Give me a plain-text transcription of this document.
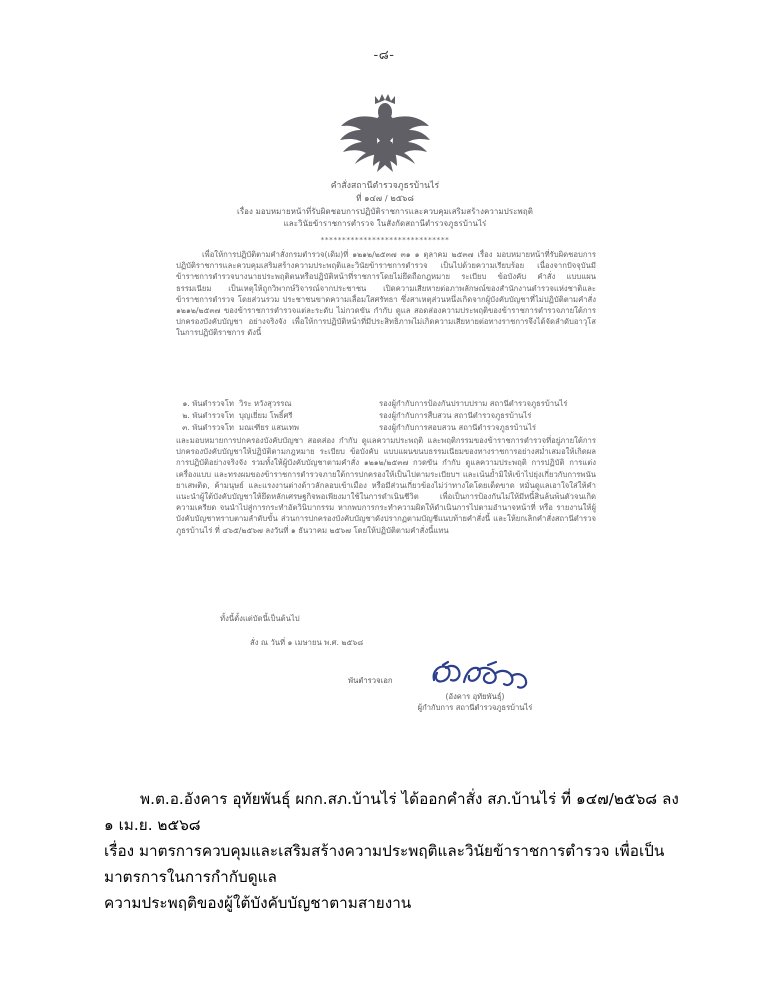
-๘-
คำสั่งสถานีตำรวจภูธรบ้านไร่
ที่ ๑๔๗ / ๒๕๖๘
เรื่อง มอบหมายหน้าที่รับผิดชอบการปฏิบัติราชการและควบคุมเสริมสร้างความประพฤติ
และวินัยข้าราชการตำรวจ ในสังกัดสถานีตำรวจภูธรบ้านไร่
******************************

เพื่อให้การปฏิบัติตามคำสั่งกรมตำรวจ(เดิม)ที่ ๑๒๑๒/๒๕๓๗ ๓๑ ๑ ตุลาคม ๒๕๓๗ เรื่อง มอบหมายหน้าที่รับผิดชอบการปฏิบัติราชการและควบคุมเสริมสร้างความประพฤติและวินัยข้าราชการตำรวจ เป็นไปด้วยความเรียบร้อย เนื่องจากปัจจุบันมีข้าราชการตำรวจบางนายประพฤติตนหรือปฏิบัติหน้าที่ราชการโดยไม่ยึดถือกฎหมาย ระเบียบ ข้อบังคับ คำสั่ง แบบแผน ธรรมเนียม เป็นเหตุให้ถูกวิพากษ์วิจารณ์จากประชาชน เปิดความเสียหายต่อภาพลักษณ์ของสำนักงานตำรวจแห่งชาติและข้าราชการตำรวจ โดยส่วนรวม ประชาชนขาดความเลื่อมใสศรัทธา ซึ่งสาเหตุส่วนหนึ่งเกิดจากผู้บังคับบัญชาที่ไม่ปฏิบัติตามคำสั่ง ๑๒๑๒/๒๕๓๗ ของข้าราชการตำรวจแต่ละระดับ ไม่กวดขัน กำกับ ดูแล สอดส่องความประพฤติของข้าราชการตำรวจภายใต้การปกครองบังคับบัญชา อย่างจริงจัง เพื่อให้การปฏิบัติหน้าที่มีประสิทธิภาพไม่เกิดความเสียหายต่อทางราชการจึงได้จัดลำดับอาวุโส ในการปฏิบัติราชการ ดังนี้

๑. พันตำรวจโท วิระ หวังสุวรรณ	รองผู้กำกับการป้องกันปราบปราม สถานีตำรวจภูธรบ้านไร่
๒. พันตำรวจโท บุญเยี่ยม โพธิ์ศรี	รองผู้กำกับการสืบสวน สถานีตำรวจภูธรบ้านไร่
๓. พันตำรวจโท มณเฑียร แสนเทพ	รองผู้กำกับการสอบสวน สถานีตำรวจภูธรบ้านไร่

และมอบหมายการปกครองบังคับบัญชา สอดส่อง กำกับ ดูแลความประพฤติ และพฤติกรรมของข้าราชการตำรวจที่อยู่ภายใต้การปกครองบังคับบัญชาให้ปฏิบัติตามกฎหมาย ระเบียบ ข้อบังคับ แบบแผนขนบธรรมเนียมของทางราชการอย่างสม่ำเสมอให้เกิดผลการปฏิบัติอย่างจริงจัง รวมทั้งให้ผู้บังคับบัญชาตามคำสั่ง ๑๒๑๒/๒๕๓๗ กวดขัน กำกับ ดูแลความประพฤติ การปฏิบัติ การแต่งเครื่องแบบ และทรงผมของข้าราชการตำรวจภายใต้การปกครองให้เป็นไปตามระเบียบฯ และเน้นย้ำมิให้เข้าไปยุ่งเกี่ยวกับการพนัน ยาเสพติด, ค้ามนุษย์ และแรงงานต่างด้าวลักลอบเข้าเมือง หรือมีส่วนเกี่ยวข้องไม่ว่าทางใดโดยเด็ดขาด หมั่นดูแลเอาใจใส่ให้คำแนะนำผู้ใต้บังคับบัญชาให้ยึดหลักเศรษฐกิจพอเพียงมาใช้ในการดำเนินชีวิต เพื่อเป็นการป้องกันไม่ให้มีหนี้สินล้นพ้นตัวจนเกิดความเครียด จนนำไปสู่การกระทำอัตวินิบากรรม หากพบการกระทำความผิดให้ดำเนินการไปตามอำนาจหน้าที่ หรือ รายงานให้ผู้บังคับบัญชาทราบตามลำดับขั้น ส่วนการปกครองบังคับบัญชาดังปรากฏตามบัญชีแนบท้ายคำสั่งนี้ และให้ยกเลิกคำสั่งสถานีตำรวจภูธรบ้านไร่ ที่ ๔๖๕/๒๕๖๗ ลงวันที่ ๑ ธันวาคม ๒๕๖๗ โดยให้ปฏิบัติตามคำสั่งนี้แทน

ทั้งนี้ตั้งแต่บัดนี้เป็นต้นไป
สั่ง ณ วันที่ ๑ เมษายน พ.ศ. ๒๕๖๘
พันตำรวจเอก
(อังคาร อุทัยพันธุ์)
ผู้กำกับการ สถานีตำรวจภูธรบ้านไร่
พ.ต.อ.อังคาร อุทัยพันธุ์ ผกก.สภ.บ้านไร่ ได้ออกคำสั่ง สภ.บ้านไร่ ที่ ๑๔๗/๒๕๖๘ ลง ๑ เม.ย. ๒๕๖๘
เรื่อง มาตรการควบคุมและเสริมสร้างความประพฤติและวินัยข้าราชการตำรวจ เพื่อเป็นมาตรการในการกำกับดูแล
ความประพฤติของผู้ใต้บังคับบัญชาตามสายงาน
